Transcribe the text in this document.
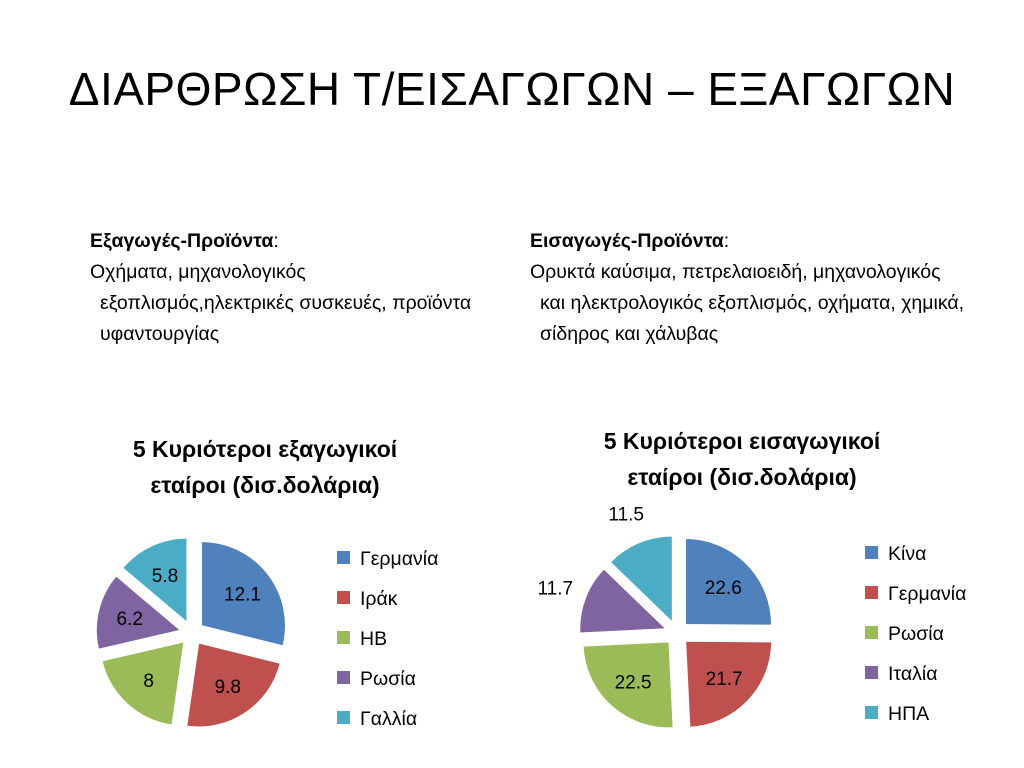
ΔΙΑΡΘΡΩΣΗ Τ/ΕΙΣΑΓΩΓΩΝ – ΕΞΑΓΩΓΩΝ
Εξαγωγές-Προϊόντα:
Οχήματα, μηχανολογικός εξοπλισμός,ηλεκτρικές συσκευές, προϊόντα υφαντουργίας
Εισαγωγές-Προϊόντα:
Ορυκτά καύσιμα, πετρελαιοειδή, μηχανολογικός και ηλεκτρολογικός εξοπλισμός, οχήματα, χημικά, σίδηρος και χάλυβας
5 Κυριότεροι εξαγωγικοί
εταίροι (δισ.δολάρια)
12.1
9.8
8
6.2
5.8
Γερμανία
Ιράκ
ΗΒ
Ρωσία
Γαλλία
5 Κυριότεροι εισαγωγικοί
εταίροι (δισ.δολάρια)
22.6
21.7
22.5
11.7
11.5
Κίνα
Γερμανία
Ρωσία
Ιταλία
ΗΠΑ
